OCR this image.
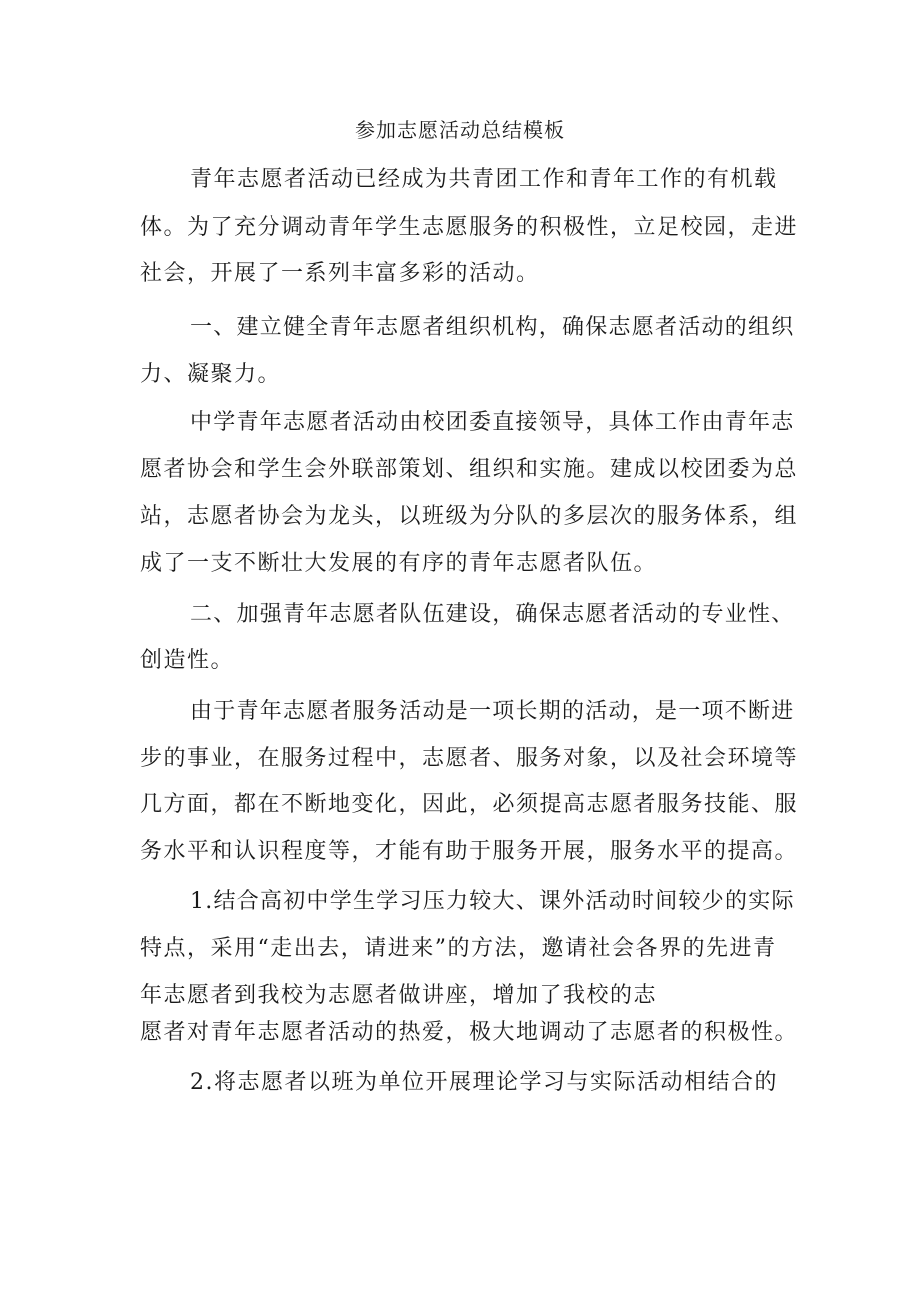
参加志愿活动总结模板
青年志愿者活动已经成为共青团工作和青年工作的有机载
体。为了充分调动青年学生志愿服务的积极性，立足校园，走进
社会，开展了一系列丰富多彩的活动。
一、建立健全青年志愿者组织机构，确保志愿者活动的组织
力、凝聚力。
中学青年志愿者活动由校团委直接领导，具体工作由青年志
愿者协会和学生会外联部策划、组织和实施。建成以校团委为总
站，志愿者协会为龙头，以班级为分队的多层次的服务体系，组
成了一支不断壮大发展的有序的青年志愿者队伍。
二、加强青年志愿者队伍建设，确保志愿者活动的专业性、
创造性。
由于青年志愿者服务活动是一项长期的活动，是一项不断进
步的事业，在服务过程中，志愿者、服务对象，以及社会环境等
几方面，都在不断地变化，因此，必须提高志愿者服务技能、服
务水平和认识程度等，才能有助于服务开展，服务水平的提高。
1.结合高初中学生学习压力较大、课外活动时间较少的实际
特点，采用“走出去，请进来”的方法，邀请社会各界的先进青
年志愿者到我校为志愿者做讲座，增加了我校的志
愿者对青年志愿者活动的热爱，极大地调动了志愿者的积极性。
2.将志愿者以班为单位开展理论学习与实际活动相结合的
